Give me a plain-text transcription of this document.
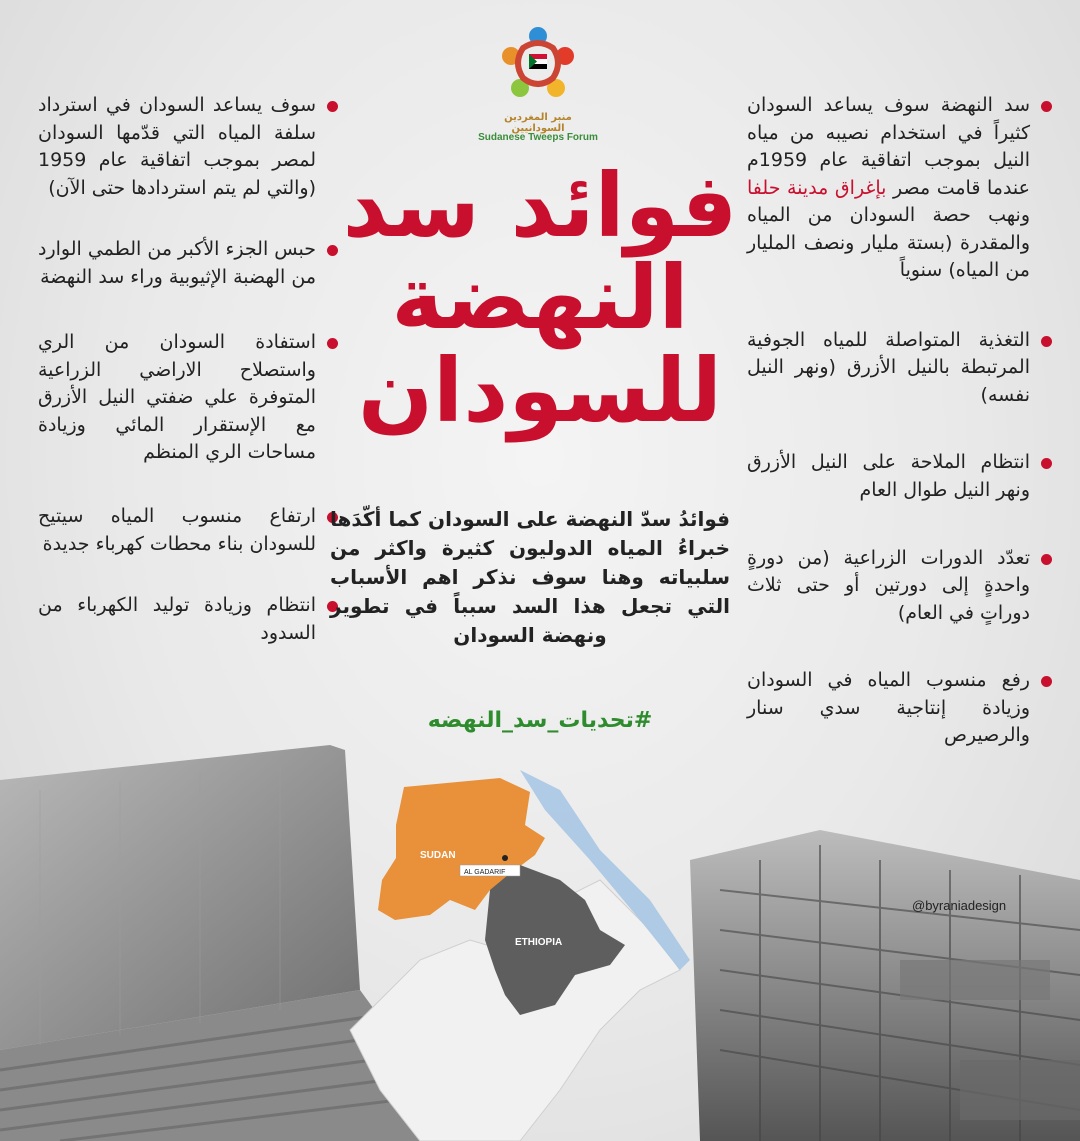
منبر المغردين السودانيين
Sudanese Tweeps Forum
فوائد سد
النهضة
للسودان
سد النهضة سوف يساعد السودان كثيراً في استخدام نصيبه من مياه النيل بموجب اتفاقية عام 1959م عندما قامت مصر بإغراق مدينة حلفا ونهب حصة السودان من المياه والمقدرة (بستة مليار ونصف المليار من المياه) سنوياً
التغذية المتواصلة للمياه الجوفية المرتبطة بالنيل الأزرق (ونهر النيل نفسه)
انتظام الملاحة على النيل الأزرق ونهر النيل طوال العام
تعدّد الدورات الزراعية (من دورةٍ واحدةٍ إلى دورتين أو حتى ثلاث دوراتٍ في العام)
رفع منسوب المياه في السودان وزيادة إنتاجية سدي سنار والرصيرص
سوف يساعد السودان في استرداد سلفة المياه التي قدّمها السودان لمصر بموجب اتفاقية عام 1959 (والتي لم يتم استردادها حتى الآن)
حبس الجزء الأكبر من الطمي الوارد من الهضبة الإثيوبية وراء سد النهضة
استفادة السودان من الري واستصلاح الاراضي الزراعية المتوفرة علي ضفتي النيل الأزرق مع الإستقرار المائي وزيادة مساحات الري المنظم
ارتفاع منسوب المياه سيتيح للسودان بناء محطات كهرباء جديدة
انتظام وزيادة توليد الكهرباء من السدود
فوائدُ سدّ النهضة على السودان كما أكّدَها خبراءُ المياه الدوليون كثيرة واكثر من سلبياته وهنا سوف نذكر اهم الأسباب التي تجعل هذا السد سبباً في تطوير ونهضة السودان
#تحديات_سد_النهضه
AL GADARIF
SUDAN
ETHIOPIA
@byraniadesign
